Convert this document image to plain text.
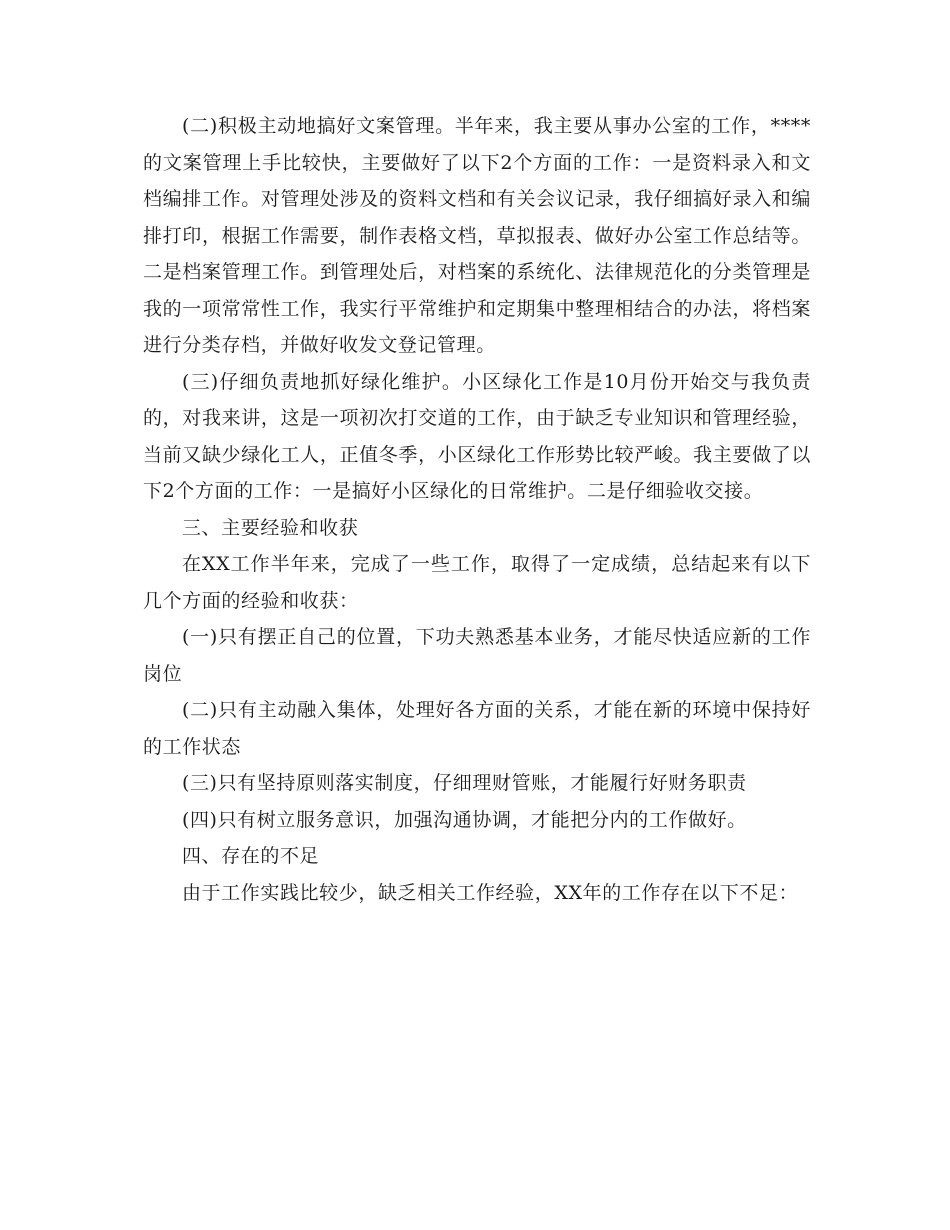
(二)积极主动地搞好文案管理。半年来，我主要从事办公室的工作，****的文案管理上手比较快，主要做好了以下2个方面的工作：一是资料录入和文档编排工作。对管理处涉及的资料文档和有关会议记录，我仔细搞好录入和编排打印，根据工作需要，制作表格文档，草拟报表、做好办公室工作总结等。二是档案管理工作。到管理处后，对档案的系统化、法律规范化的分类管理是我的一项常常性工作，我实行平常维护和定期集中整理相结合的办法，将档案进行分类存档，并做好收发文登记管理。

(三)仔细负责地抓好绿化维护。小区绿化工作是10月份开始交与我负责的，对我来讲，这是一项初次打交道的工作，由于缺乏专业知识和管理经验，当前又缺少绿化工人，正值冬季，小区绿化工作形势比较严峻。我主要做了以下2个方面的工作：一是搞好小区绿化的日常维护。二是仔细验收交接。

三、主要经验和收获

在XX工作半年来，完成了一些工作，取得了一定成绩，总结起来有以下几个方面的经验和收获：

(一)只有摆正自己的位置，下功夫熟悉基本业务，才能尽快适应新的工作岗位

(二)只有主动融入集体，处理好各方面的关系，才能在新的环境中保持好的工作状态

(三)只有坚持原则落实制度，仔细理财管账，才能履行好财务职责

(四)只有树立服务意识，加强沟通协调，才能把分内的工作做好。

四、存在的不足

由于工作实践比较少，缺乏相关工作经验，XX年的工作存在以下不足：
